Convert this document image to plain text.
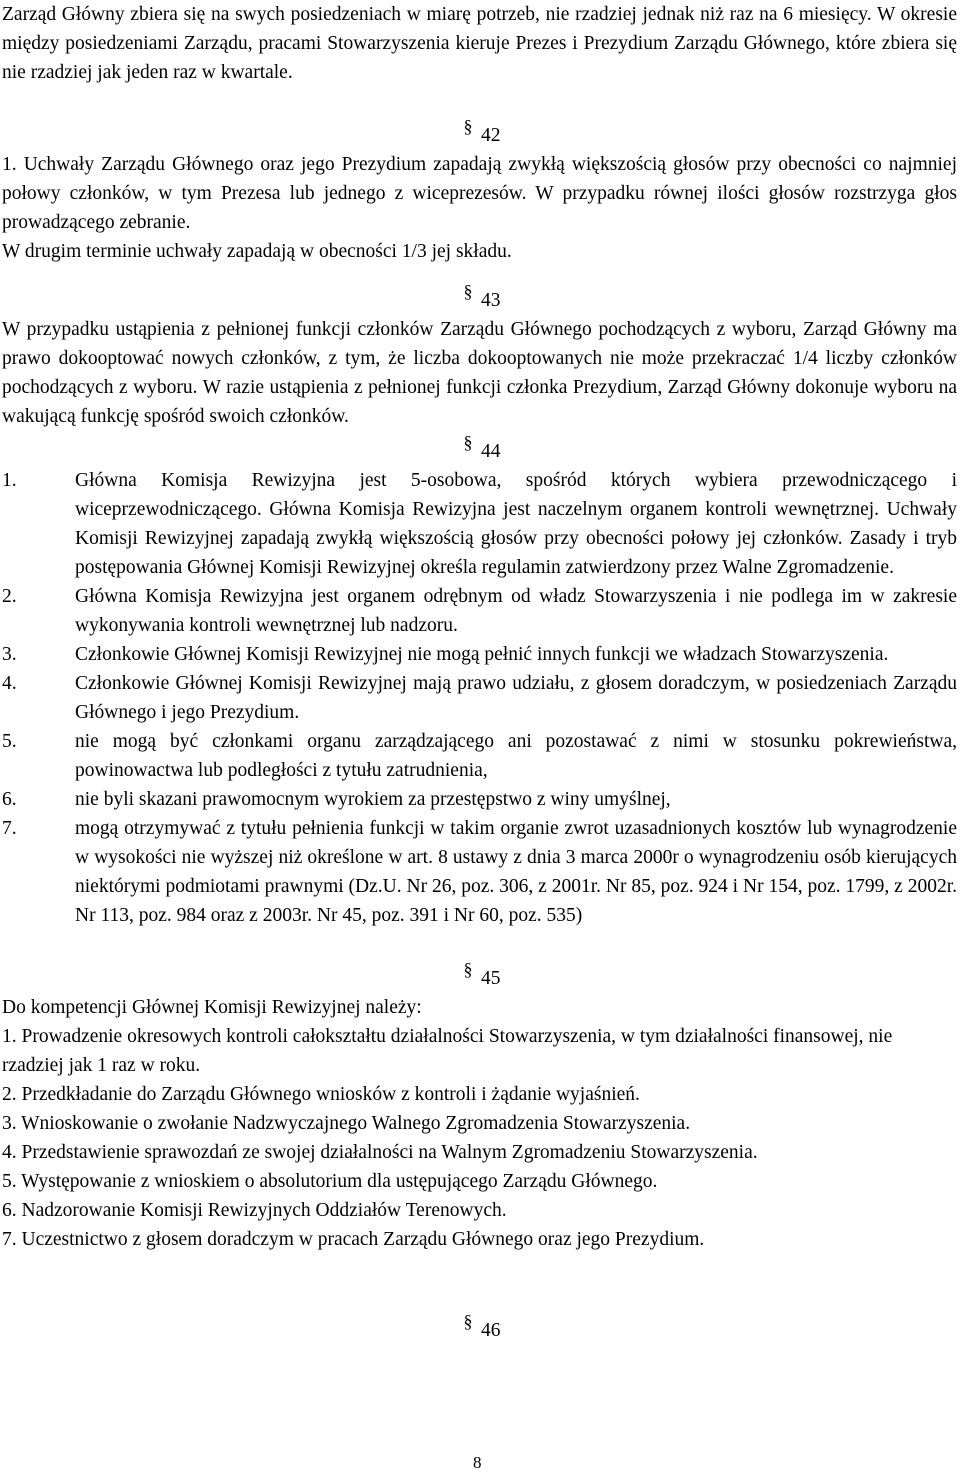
Zarząd Główny zbiera się na swych posiedzeniach w miarę potrzeb, nie rzadziej jednak niż raz na 6 miesięcy. W okresie między posiedzeniami Zarządu, pracami Stowarzyszenia kieruje Prezes i Prezydium Zarządu Głównego, które zbiera się nie rzadziej jak jeden raz w kwartale.

§ 42

1. Uchwały Zarządu Głównego oraz jego Prezydium zapadają zwykłą większością głosów przy obecności co najmniej połowy członków, w tym Prezesa lub jednego z wiceprezesów. W przypadku równej ilości głosów rozstrzyga głos prowadzącego zebranie.

W drugim terminie uchwały zapadają w obecności 1/3 jej składu.

§ 43

W przypadku ustąpienia z pełnionej funkcji członków Zarządu Głównego pochodzących z wyboru, Zarząd Główny ma prawo dokooptować nowych członków, z tym, że liczba dokooptowanych nie może przekraczać 1/4 liczby członków pochodzących z wyboru. W razie ustąpienia z pełnionej funkcji członka Prezydium, Zarząd Główny dokonuje wyboru na wakującą funkcję spośród swoich członków.

§ 44

1.	Główna Komisja Rewizyjna jest 5-osobowa, spośród których wybiera przewodniczącego i wiceprzewodniczącego. Główna Komisja Rewizyjna jest naczelnym organem kontroli wewnętrznej. Uchwały Komisji Rewizyjnej zapadają zwykłą większością głosów przy obecności połowy jej członków. Zasady i tryb postępowania Głównej Komisji Rewizyjnej określa regulamin zatwierdzony przez Walne Zgromadzenie.
2.	Główna Komisja Rewizyjna jest organem odrębnym od władz Stowarzyszenia i nie podlega im w zakresie wykonywania kontroli wewnętrznej lub nadzoru.
3.	Członkowie Głównej Komisji Rewizyjnej nie mogą pełnić innych funkcji we władzach Stowarzyszenia.
4.	Członkowie Głównej Komisji Rewizyjnej mają prawo udziału, z głosem doradczym, w posiedzeniach Zarządu Głównego i jego Prezydium.
5.	nie mogą być członkami organu zarządzającego ani pozostawać z nimi w stosunku pokrewieństwa, powinowactwa lub podległości z tytułu zatrudnienia,
6.	nie byli skazani prawomocnym wyrokiem za przestępstwo z winy umyślnej,
7.	mogą otrzymywać z tytułu pełnienia funkcji w takim organie zwrot uzasadnionych kosztów lub wynagrodzenie w wysokości nie wyższej niż określone w art. 8 ustawy z dnia 3 marca 2000r o wynagrodzeniu osób kierujących niektórymi podmiotami prawnymi (Dz.U. Nr 26, poz. 306, z 2001r. Nr 85, poz. 924 i Nr 154, poz. 1799, z 2002r. Nr 113, poz. 984 oraz z 2003r. Nr 45, poz. 391 i Nr 60, poz. 535)

§ 45

Do kompetencji Głównej Komisji Rewizyjnej należy:

1. Prowadzenie okresowych kontroli całokształtu działalności Stowarzyszenia, w tym działalności finansowej, nie rzadziej jak 1 raz w roku.

2. Przedkładanie do Zarządu Głównego wniosków z kontroli i żądanie wyjaśnień.

3. Wnioskowanie o zwołanie Nadzwyczajnego Walnego Zgromadzenia Stowarzyszenia.

4. Przedstawienie sprawozdań ze swojej działalności na Walnym Zgromadzeniu Stowarzyszenia.

5. Występowanie z wnioskiem o absolutorium dla ustępującego Zarządu Głównego.

6. Nadzorowanie Komisji Rewizyjnych Oddziałów Terenowych.

7. Uczestnictwo z głosem doradczym w pracach Zarządu Głównego oraz jego Prezydium.

§ 46

8
